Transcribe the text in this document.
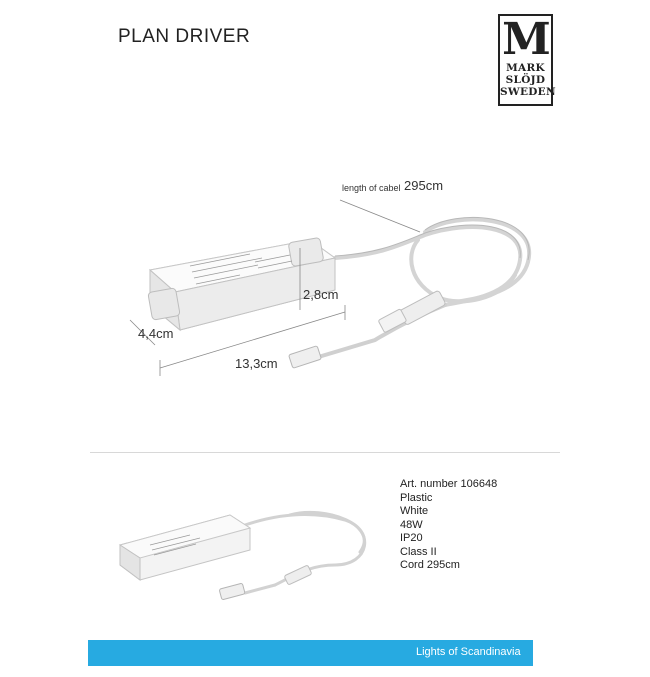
PLAN DRIVER	M
MARK
SLÖJD
SWEDEN
length of cabel 295cm
2,8cm
4,4cm
13,3cm
Art. number 106648
Plastic
White
48W
IP20
Class II
Cord 295cm
Lights of Scandinavia
